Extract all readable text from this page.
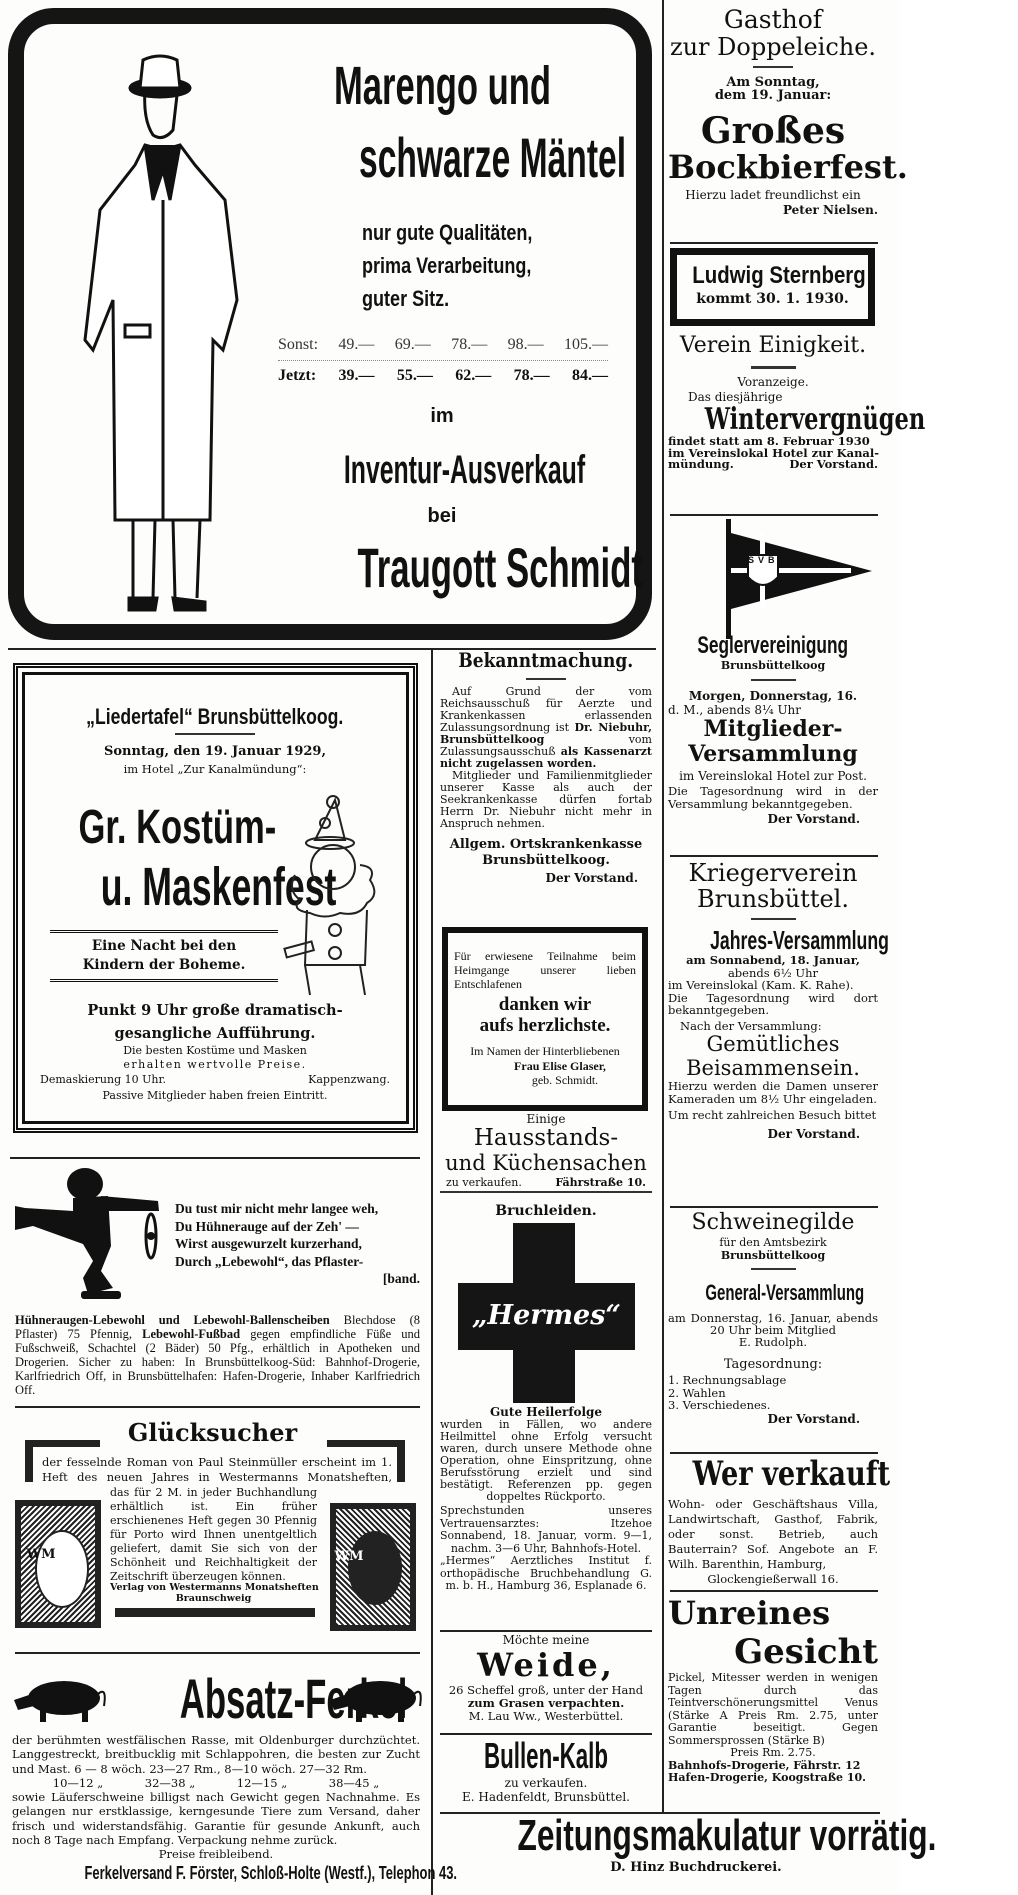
Marengo und
schwarze Mäntel
nur gute Qualitäten,
prima Verarbeitung,
guter Sitz.
Sonst: 49.— 69.— 78.— 98.— 105.—
Jetzt: 39.— 55.— 62.— 78.— 84.—
im
Inventur-Ausverkauf
bei
Traugott Schmidt
Gasthof
zur Doppeleiche.
Am Sonntag,
dem 19. Januar:
Großes
Bockbierfest.
Hierzu ladet freundlichst ein
Peter Nielsen.
Ludwig Sternberg
kommt 30. 1. 1930.
Verein Einigkeit.
Voranzeige.
Das diesjährige
Wintervergnügen
findet statt am 8. Februar 1930
im Vereinslokal Hotel zur Kanal-
mündung.	Der Vorstand.
SVB
Seglervereinigung
Brunsbüttelkoog
Morgen, Donnerstag, 16.
d. M., abends 8¼ Uhr
Mitglieder-
Versammlung
im Vereinslokal Hotel zur Post.
Die Tagesordnung wird in der Versammlung bekanntgegeben.
Der Vorstand.
Kriegerverein
Brunsbüttel.
Jahres-Versammlung
am Sonnabend, 18. Januar,
abends 6½ Uhr
im Vereinslokal (Kam. K. Rahe).
Die Tagesordnung wird dort bekanntgegeben.
Nach der Versammlung:
Gemütliches
Beisammensein.
Hierzu werden die Damen unserer Kameraden um 8½ Uhr eingeladen.
Um recht zahlreichen Besuch bittet
Der Vorstand.
Schweinegilde
für den Amtsbezirk
Brunsbüttelkoog
General-Versammlung
am Donnerstag, 16. Januar, abends 20 Uhr beim Mitglied
E. Rudolph.
Tagesordnung:
1. Rechnungsablage
2. Wahlen
3. Verschiedenes.
Der Vorstand.
Wer verkauft
Wohn- oder Geschäftshaus Villa, Landwirtschaft, Gasthof, Fabrik, oder sonst. Betrieb, auch Bauterrain? Sof. Angebote an F. Wilh. Barenthin, Hamburg,
Glockengießerwall 16.
Unreines
Gesicht
Pickel, Mitesser werden in wenigen Tagen durch das Teintverschönerungsmittel Venus (Stärke A Preis Rm. 2.75, unter Garantie beseitigt. Gegen Sommersprossen (Stärke B)
Preis Rm. 2.75.
Bahnhofs-Drogerie, Fährstr. 12
Hafen-Drogerie, Koogstraße 10.
Bekanntmachung.
Auf Grund der vom Reichsausschuß für Aerzte und Krankenkassen erlassenden Zulassungsordnung ist Dr. Niebuhr, Brunsbüttelkoog	vom Zulassungsausschuß als Kassenarzt nicht zugelassen worden.
Mitglieder und Familienmitglieder unserer Kasse als auch der Seekrankenkasse dürfen fortab Herrn Dr. Niebuhr nicht mehr in Anspruch nehmen.
Allgem. Ortskrankenkasse
Brunsbüttelkoog.
Der Vorstand.
Für erwiesene Teilnahme beim Heimgange unserer lieben Entschlafenen
danken wir
aufs herzlichste.
Im Namen der Hinterbliebenen
Frau Elise Glaser,
geb. Schmidt.
Einige
Hausstands-
und Küchensachen
zu verkaufen.	Fährstraße 10.
Bruchleiden.
„Hermes“
Gute Heilerfolge
wurden in Fällen, wo andere Heilmittel ohne Erfolg versucht waren, durch unsere Methode ohne Operation, ohne Einspritzung, ohne Berufsstörung erzielt und sind bestätigt. Referenzen pp. gegen doppeltes Rückporto.
Sprechstunden unseres Vertrauensarztes: Itzehoe Sonnabend, 18. Januar, vorm. 9—1, nachm. 3—6 Uhr, Bahnhofs-Hotel.
„Hermes“ Aerztliches Institut f. orthopädische Bruchbehandlung G. m. b. H., Hamburg 36, Esplanade 6.
Möchte meine
Weide,
26 Scheffel groß, unter der Hand
zum Grasen verpachten.
M. Lau Ww., Westerbüttel.
Bullen-Kalb
zu verkaufen.
E. Hadenfeldt, Brunsbüttel.
Zeitungsmakulatur vorrätig.
D. Hinz Buchdruckerei.
„Liedertafel“ Brunsbüttelkoog.
Sonntag, den 19. Januar 1929,
im Hotel „Zur Kanalmündung“:
Gr. Kostüm-
u. Maskenfest
Eine Nacht bei den
Kindern der Boheme.
Punkt 9 Uhr große dramatisch-
gesangliche Aufführung.
Die besten Kostüme und Masken
erhalten wertvolle Preise.
Demaskierung 10 Uhr.	Kappenzwang.
Passive Mitglieder haben freien Eintritt.
Du tust mir nicht mehr langee weh,
Du Hühnerauge auf der Zeh' —
Wirst ausgewurzelt kurzerhand,
Durch „Lebewohl“, das Pflaster-
[band.
Hühneraugen-Lebewohl und Lebewohl-Ballenscheiben Blechdose (8 Pflaster) 75 Pfennig, Lebewohl-Fußbad gegen empfindliche Füße und Fußschweiß, Schachtel (2 Bäder) 50 Pfg., erhältlich in Apotheken und Drogerien. Sicher zu haben: In Brunsbüttelkoog-Süd: Bahnhof-Drogerie, Karlfriedrich Off, in Brunsbüttelhafen: Hafen-Drogerie, Inhaber Karlfriedrich Off.
Glücksucher
der fesselnde Roman von Paul Steinmüller erscheint im 1. Heft des neuen Jahres in Westermanns Monatsheften,
das für 2 M. in jeder Buchhandlung erhältlich ist. Ein früher erschienenes Heft gegen 30 Pfennig für Porto wird Ihnen unentgeltlich geliefert, damit Sie sich von der Schönheit und Reichhaltigkeit der Zeitschrift überzeugen können.
Verlag von Westermanns Monatsheften
Braunschweig
WM	WM
Absatz-Ferkel
der berühmten westfälischen Rasse, mit Oldenburger durchzüchtet. Langgestreckt, breitbucklig mit Schlappohren, die besten zur Zucht und Mast. 6 — 8 wöch. 23—27 Rm., 8—10 wöch. 27—32 Rm.
10—12 „	32—38 „	12—15 „	38—45 „
sowie Läuferschweine billigst nach Gewicht gegen Nachnahme. Es gelangen nur erstklassige, kerngesunde Tiere zum Versand, daher frisch und widerstandsfähig. Garantie für gesunde Ankunft, auch noch 8 Tage nach Empfang. Verpackung nehme zurück.
Preise freibleibend.
Ferkelversand F. Förster, Schloß-Holte (Westf.), Telephon 43.
